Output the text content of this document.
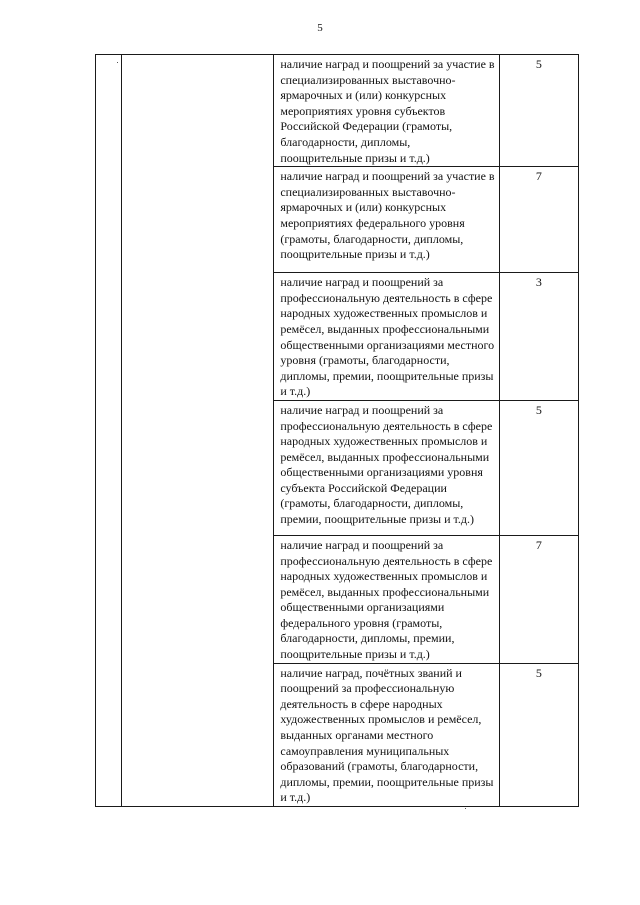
5
		наличие наград и поощрений за участие в специализированных выставочно-ярмарочных и (или) конкурсных мероприятиях уровня субъектов Российской Федерации (грамоты, благодарности, дипломы, поощрительные призы и т.д.)	5
		наличие наград и поощрений за участие в специализированных выставочно-ярмарочных и (или) конкурсных мероприятиях федерального уровня (грамоты, благодарности, дипломы, поощрительные призы и т.д.)	7
		наличие наград и поощрений за профессиональную деятельность в сфере народных художественных промыслов и ремёсел, выданных профессиональными общественными организациями местного уровня (грамоты, благодарности, дипломы, премии, поощрительные призы и т.д.)	3
		наличие наград и поощрений за профессиональную деятельность в сфере народных художественных промыслов и ремёсел, выданных профессиональными общественными организациями уровня субъекта Российской Федерации (грамоты, благодарности, дипломы, премии, поощрительные призы и т.д.)	5
		наличие наград и поощрений за профессиональную деятельность в сфере народных художественных промыслов и ремёсел, выданных профессиональными общественными организациями федерального уровня (грамоты, благодарности, дипломы, премии, поощрительные призы и т.д.)	7
		наличие наград, почётных званий и поощрений за профессиональную деятельность в сфере народных художественных промыслов и ремёсел, выданных органами местного самоуправления муниципальных образований (грамоты, благодарности, дипломы, премии, поощрительные призы и т.д.)	5
